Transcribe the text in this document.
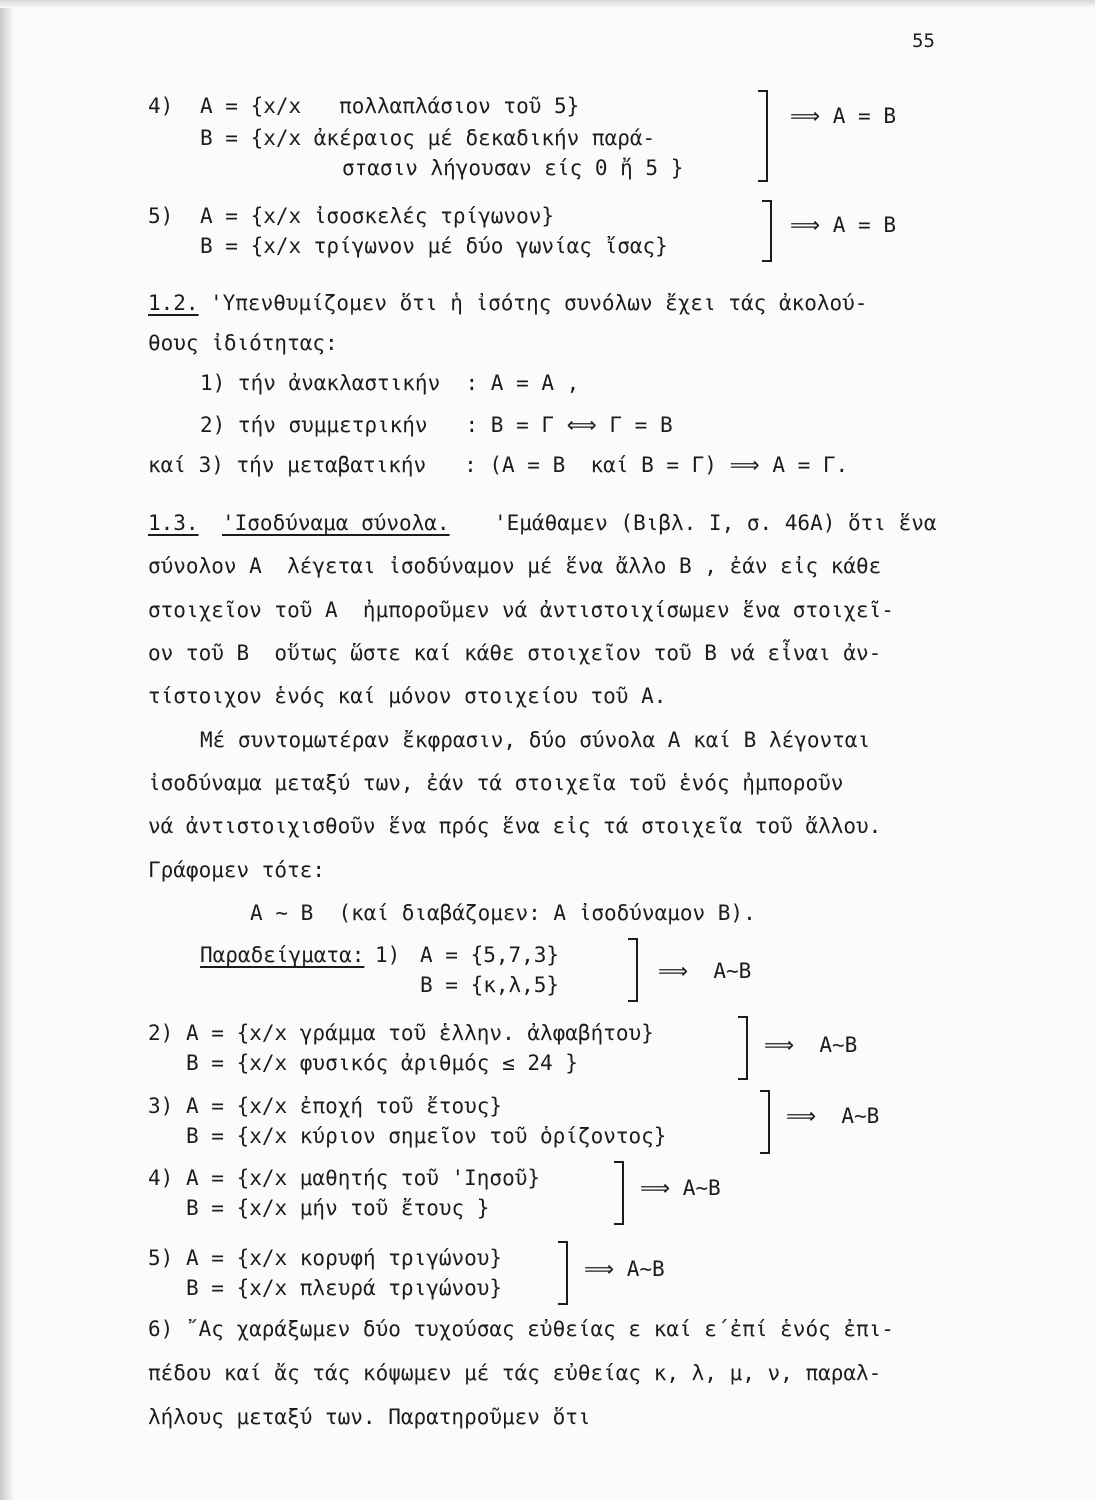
55
4) A = {x/x   πολλαπλάσιον τοῦ 5}
B = {x/x ἀκέραιος μέ δεκαδικήν παρά-
σтασιν λήγουσαν είς 0 ἤ 5 }
⟹ A = B
5) A = {x/x ἰσοσκελές τρίγωνον}
B = {x/x τρίγωνον μέ δύο γωνίας ἴσας}
⟹ A = B
1.2. 'Υπενθυμίζομεν ὅτι ἡ ἰσότης συνόλων ἔχει τάς ἀκολού-
θους ἰδιότητας:
1) τήν ἀνακλαστικήν  : A = A ,
2) τήν συμμετρικήν   : B = Γ ⟺ Γ = B
καί 3) τήν μεταβατικήν   : (A = B  καί B = Γ) ⟹ A = Γ.
1.3. 'Ισοδύναμα σύνολα. 'Εμάθαμεν (Βιβλ. I, σ. 46A) ὅτι ἕνα
σύνολον A  λέγεται ἰσοδύναμον μέ ἕνα ἄλλο B , ἐάν εἰς κάθε
στοιχεῖον τοῦ A  ἠμποροῦμεν νά ἀντιστοιχίσωμεν ἕνα στοιχεῖ-
ον τοῦ B  οὕτως ὥστε καί κάθε στοιχεῖον τοῦ B νά εἶναι ἀν-
τίστοιχον ἑνός καί μόνον στοιχείου τοῦ A.
Μέ συντομωτέραν ἔκφρασιν, δύο σύνολα A καί B λέγονται
ἰσοδύναμα μεταξύ των, ἐάν τά στοιχεῖα τοῦ ἑνός ἠμποροῦν
νά ἀντιστοιχισθοῦν ἕνα πρός ἕνα εἰς τά στοιχεῖα τοῦ ἄλλου.
Γράφομεν τότε:
A ∼ B  (καί διαβάζομεν: A ἰσοδύναμον B).
Παραδείγματα: 1) A = {5,7,3}
B = {κ,λ,5}
⟹  A∼B
2) A = {x/x γράμμα τοῦ ἑλλην. ἀλφαβήτου}
B = {x/x φυσικός ἀριθμός ≤ 24 }
⟹  A∼B
3) A = {x/x ἐποχή τοῦ ἔτους}
B = {x/x κύριον σημεῖον τοῦ ὁρίζοντος}
⟹  A∼B
4) A = {x/x μαθητής τοῦ 'Ιησοῦ}
B = {x/x μήν τοῦ ἔτους }
⟹ A∼B
5) A = {x/x κορυφή τριγώνου}
B = {x/x πλευρά τριγώνου}
⟹ A∼B
6) ῎Ας χαράξωμεν δύο τυχούσας εὐθείας ε καί ε΄ἐπί ἑνός ἐπι-
πέδου καί ἄς τάς κόψωμεν μέ τάς εὐθείας κ, λ, μ, ν, παραλ-
λήλους μεταξύ των. Παρατηροῦμεν ὅτι
